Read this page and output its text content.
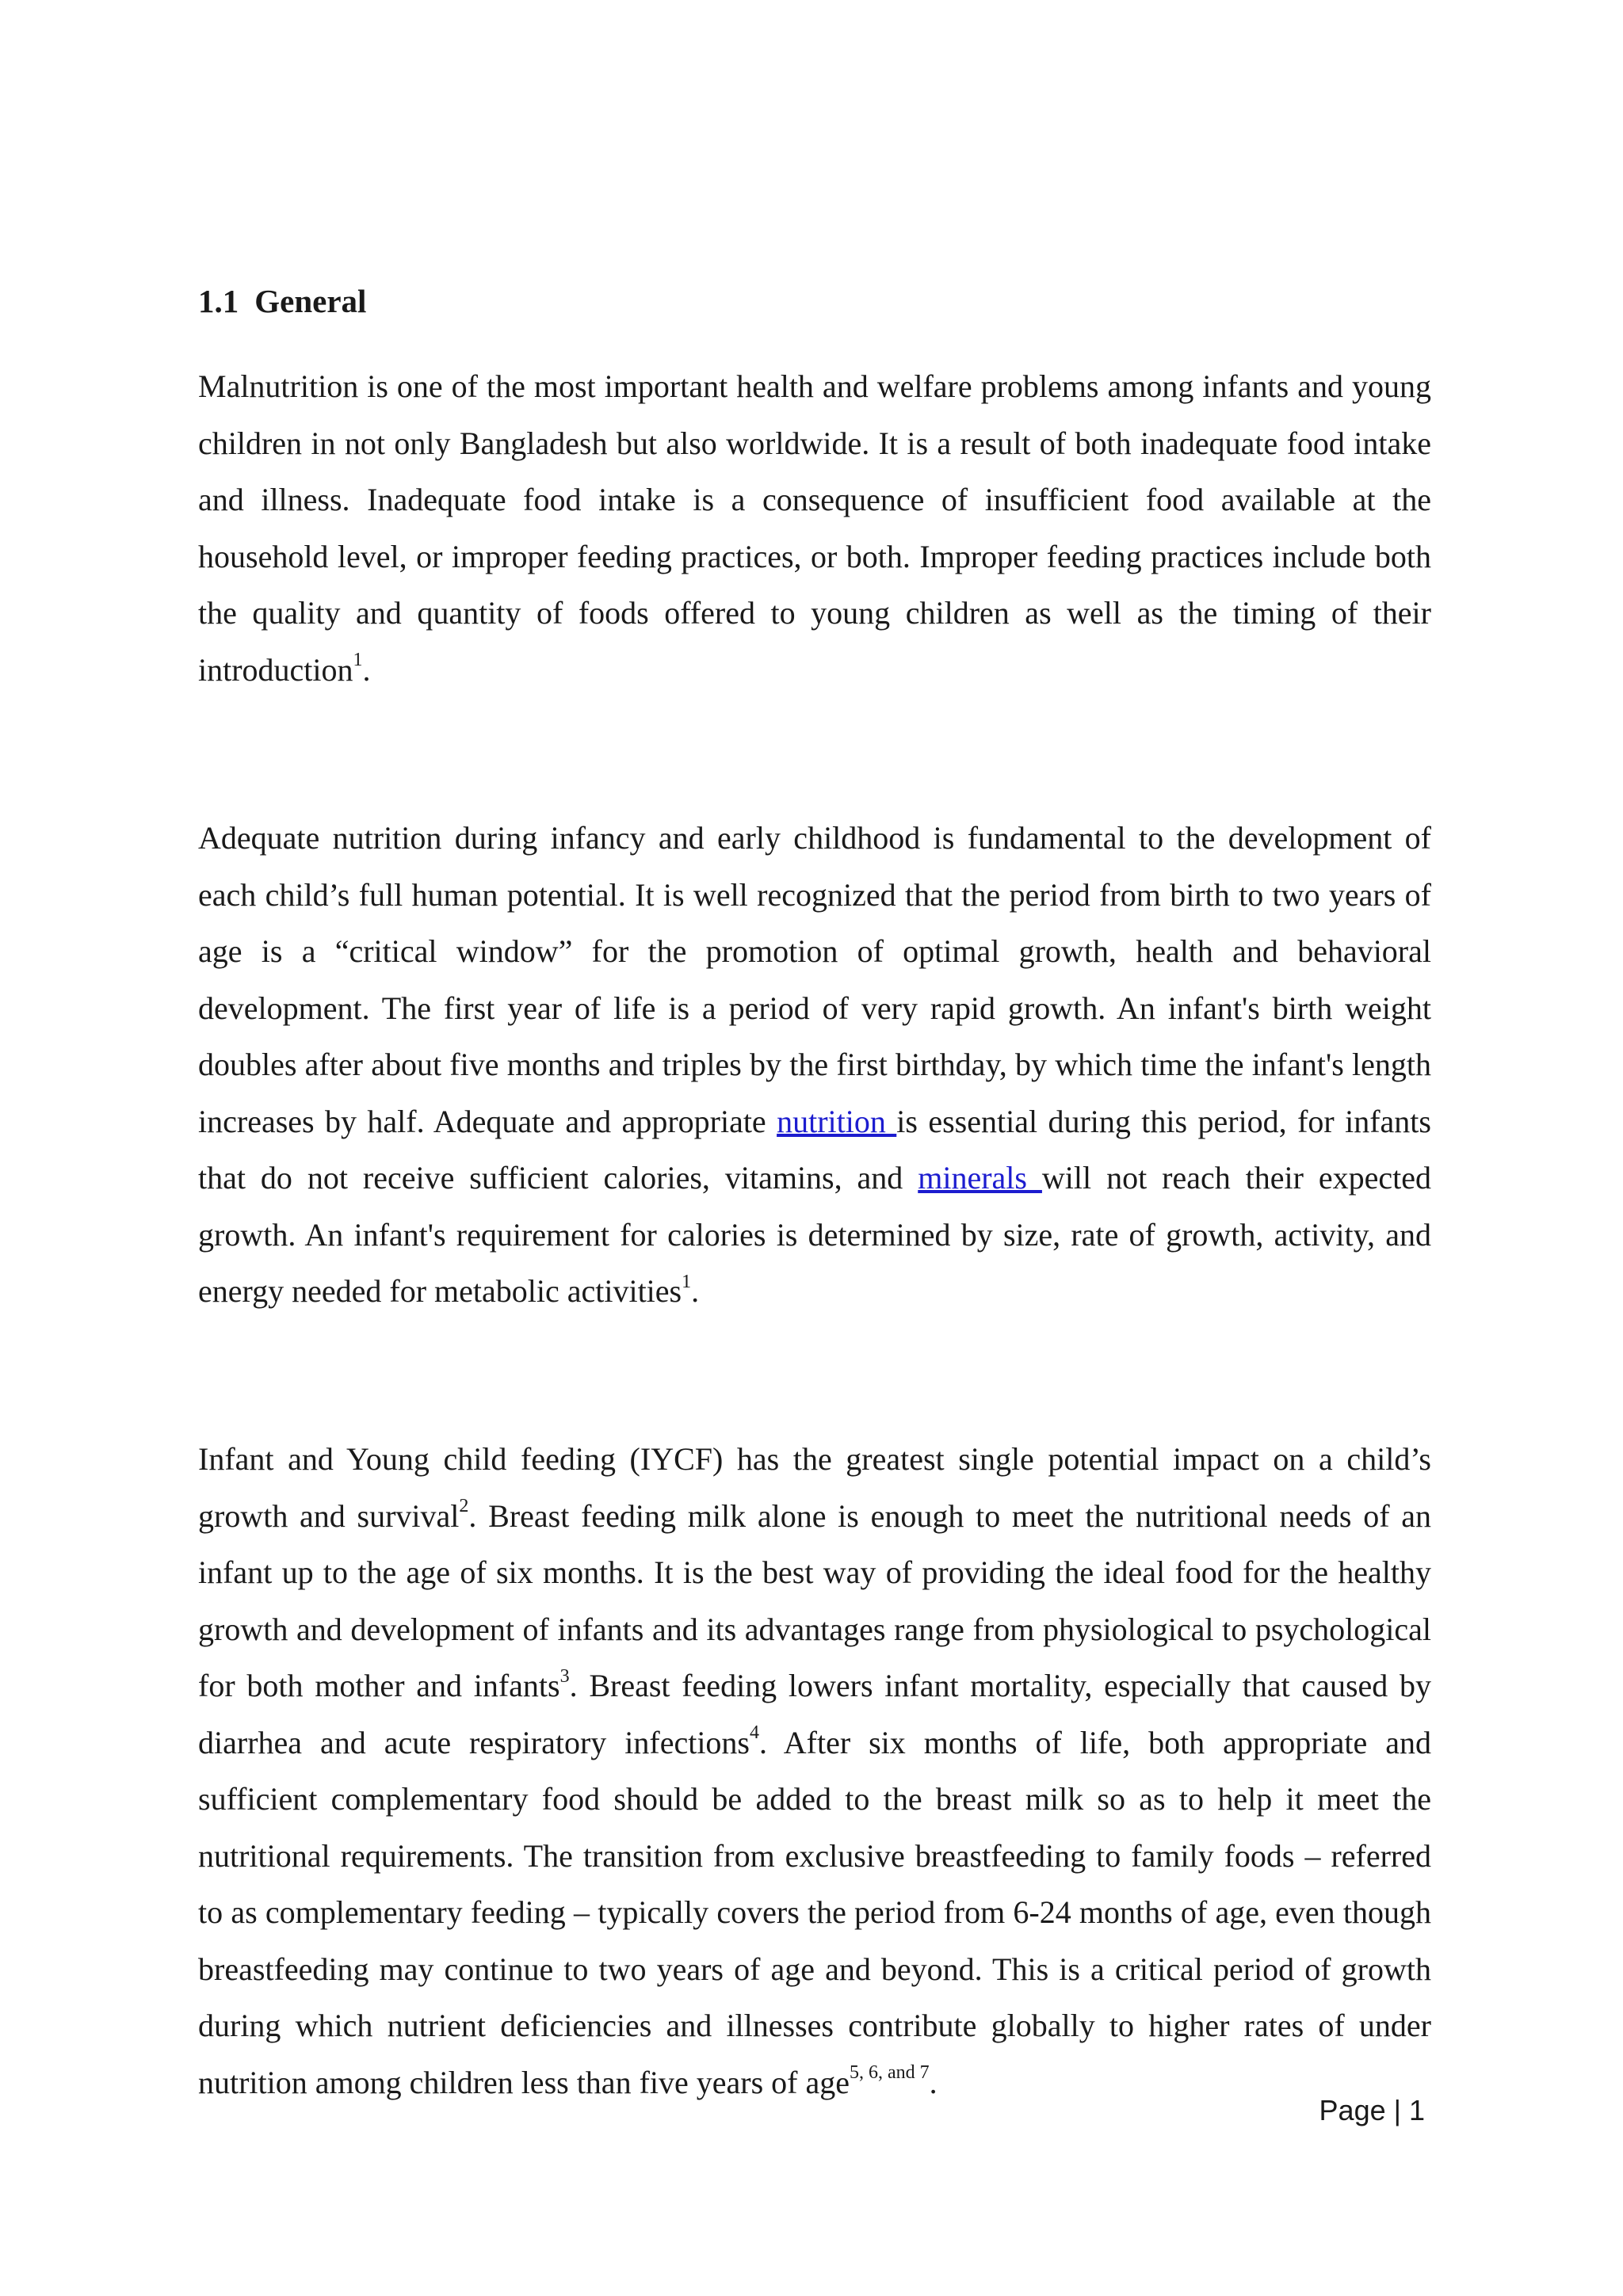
1.1 General

Malnutrition is one of the most important health and welfare problems among infants and young children in not only Bangladesh but also worldwide. It is a result of both inadequate food intake and illness. Inadequate food intake is a consequence of insufficient food available at the household level, or improper feeding practices, or both. Improper feeding practices include both the quality and quantity of foods offered to young children as well as the timing of their introduction$^1$.

Adequate nutrition during infancy and early childhood is fundamental to the development of each child’s full human potential. It is well recognized that the period from birth to two years of age is a “critical window” for the promotion of optimal growth, health and behavioral development. The first year of life is a period of very rapid growth. An infant's birth weight doubles after about five months and triples by the first birthday, by which time the infant's length increases by half. Adequate and appropriate nutrition is essential during this period, for infants that do not receive sufficient calories, vitamins, and minerals will not reach their expected growth. An infant's requirement for calories is determined by size, rate of growth, activity, and energy needed for metabolic activities$^1$.

Infant and Young child feeding (IYCF) has the greatest single potential impact on a child’s growth and survival$^2$. Breast feeding milk alone is enough to meet the nutritional needs of an infant up to the age of six months. It is the best way of providing the ideal food for the healthy growth and development of infants and its advantages range from physiological to psychological for both mother and infants$^3$. Breast feeding lowers infant mortality, especially that caused by diarrhea and acute respiratory infections$^4$. After six months of life, both appropriate and sufficient complementary food should be added to the breast milk so as to help it meet the nutritional requirements. The transition from exclusive breastfeeding to family foods – referred to as complementary feeding – typically covers the period from 6-24 months of age, even though breastfeeding may continue to two years of age and beyond. This is a critical period of growth during which nutrient deficiencies and illnesses contribute globally to higher rates of under nutrition among children less than five years of age$^{5, 6, and 7}$.

Page | 1
